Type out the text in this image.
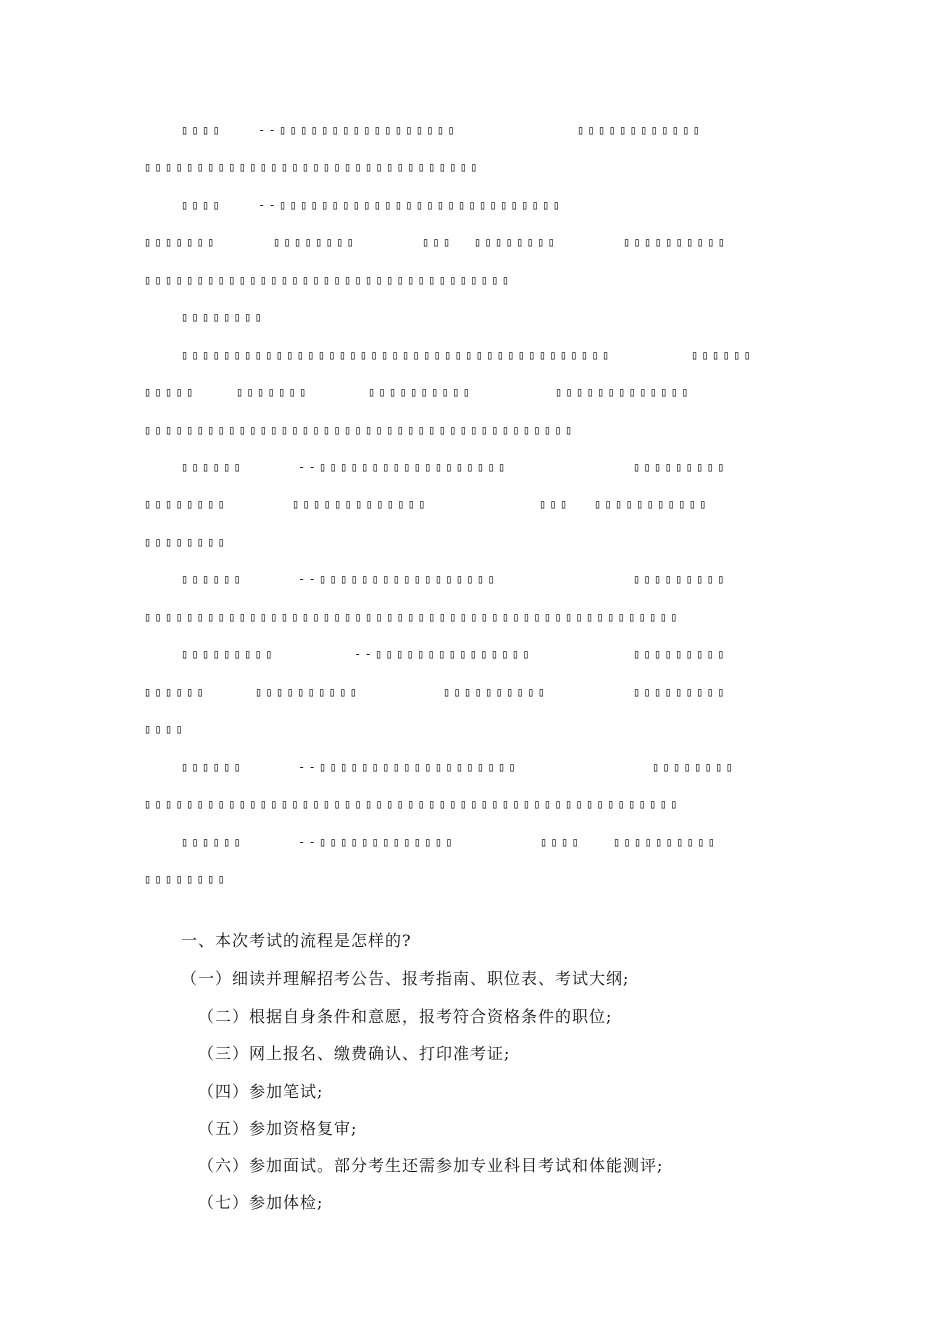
▯▯▯▯	--▯▯▯▯▯▯▯▯▯▯▯▯▯▯▯▯▯	▯▯▯▯▯▯▯▯▯▯▯▯
▯▯▯▯▯▯▯▯▯▯▯▯▯▯▯▯▯▯▯▯▯▯▯▯▯▯▯▯▯▯▯▯
▯▯▯▯	--▯▯▯▯▯▯▯▯▯▯▯▯▯▯▯▯▯▯▯▯▯▯▯▯▯▯▯
▯▯▯▯▯▯▯	▯▯▯▯▯▯▯▯	▯▯▯ ▯▯▯▯▯▯▯▯	▯▯▯▯▯▯▯▯▯▯
▯▯▯▯▯▯▯▯▯▯▯▯▯▯▯▯▯▯▯▯▯▯▯▯▯▯▯▯▯▯▯▯▯▯▯
▯▯▯▯▯▯▯▯
▯▯▯▯▯▯▯▯▯▯▯▯▯▯▯▯▯▯▯▯▯▯▯▯▯▯▯▯▯▯▯▯▯▯▯▯▯▯▯▯▯	▯▯▯▯▯▯
▯▯▯▯▯	▯▯▯▯▯▯▯	▯▯▯▯▯▯▯▯▯▯	▯▯▯▯▯▯▯▯▯▯▯▯▯
▯▯▯▯▯▯▯▯▯▯▯▯▯▯▯▯▯▯▯▯▯▯▯▯▯▯▯▯▯▯▯▯▯▯▯▯▯▯▯▯▯
▯▯▯▯▯▯	--▯▯▯▯▯▯▯▯▯▯▯▯▯▯▯▯▯▯	▯▯▯▯▯▯▯▯▯
▯▯▯▯▯▯▯▯	▯▯▯▯▯▯▯▯▯▯▯▯▯	▯▯▯ ▯▯▯▯▯▯▯▯▯▯▯
▯▯▯▯▯▯▯▯
▯▯▯▯▯▯	--▯▯▯▯▯▯▯▯▯▯▯▯▯▯▯▯▯	▯▯▯▯▯▯▯▯▯
▯▯▯▯▯▯▯▯▯▯▯▯▯▯▯▯▯▯▯▯▯▯▯▯▯▯▯▯▯▯▯▯▯▯▯▯▯▯▯▯▯▯▯▯▯▯▯▯▯▯▯
▯▯▯▯▯▯▯▯▯	--▯▯▯▯▯▯▯▯▯▯▯▯▯▯▯	▯▯▯▯▯▯▯▯▯
▯▯▯▯▯▯	▯▯▯▯▯▯▯▯▯▯	▯▯▯▯▯▯▯▯▯▯	▯▯▯▯▯▯▯▯▯
▯▯▯▯
▯▯▯▯▯▯	--▯▯▯▯▯▯▯▯▯▯▯▯▯▯▯▯▯▯▯	▯▯▯▯▯▯▯▯
▯▯▯▯▯▯▯▯▯▯▯▯▯▯▯▯▯▯▯▯▯▯▯▯▯▯▯▯▯▯▯▯▯▯▯▯▯▯▯▯▯▯▯▯▯▯▯▯▯▯▯
▯▯▯▯▯▯	--▯▯▯▯▯▯▯▯▯▯▯▯▯	▯▯▯▯	▯▯▯▯▯▯▯▯▯▯
▯▯▯▯▯▯▯▯
一、本次考试的流程是怎样的?
（一）细读并理解招考公告、报考指南、职位表、考试大纲;
（二）根据自身条件和意愿，报考符合资格条件的职位;
（三）网上报名、缴费确认、打印准考证;
（四）参加笔试;
（五）参加资格复审;
（六）参加面试。部分考生还需参加专业科目考试和体能测评;
（七）参加体检;
